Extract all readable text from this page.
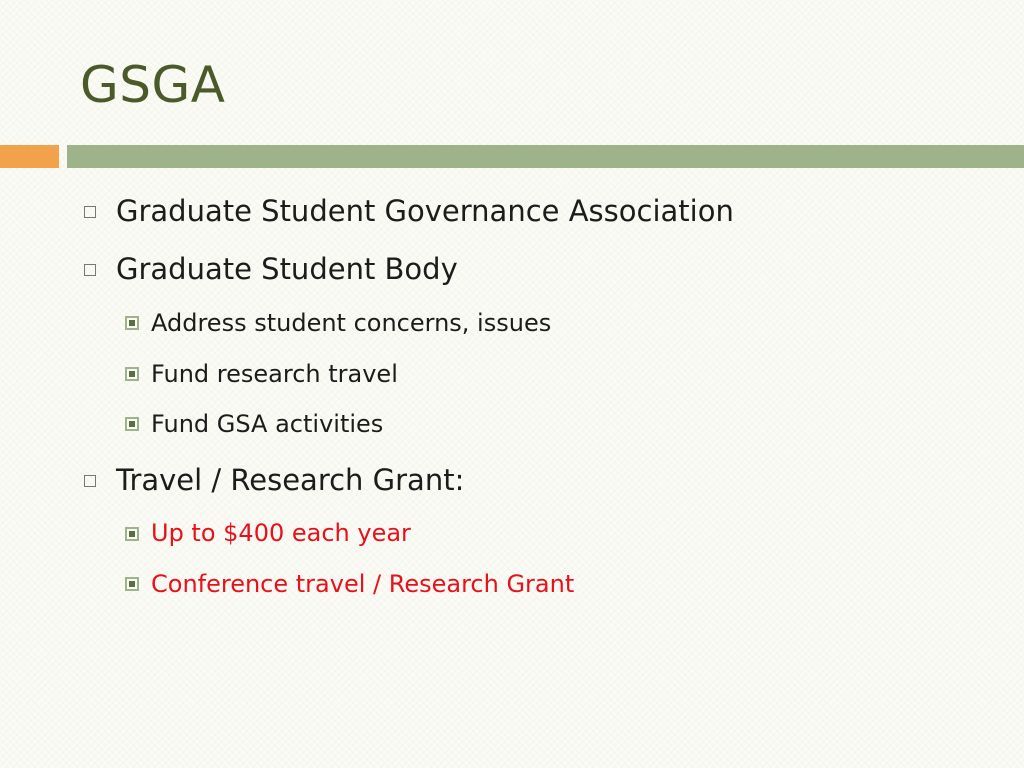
GSGA
Graduate Student Governance Association
Graduate Student Body
Address student concerns, issues
Fund research travel
Fund GSA activities
Travel / Research Grant:
Up to $400 each year
Conference travel / Research Grant
